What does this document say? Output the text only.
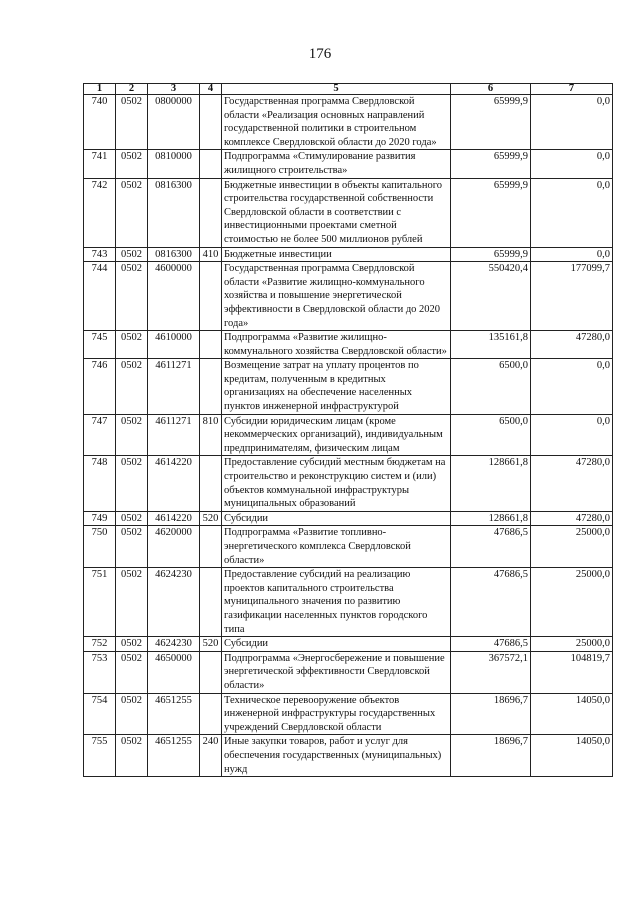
176
1	2	3	4	5	6	7
740	0502	0800000		Государственная программа Свердловской области «Реализация основных направлений государственной политики в строительном комплексе Свердловской области до 2020 года»	65999,9	0,0
741	0502	0810000		Подпрограмма «Стимулирование развития жилищного строительства»	65999,9	0,0
742	0502	0816300		Бюджетные инвестиции в объекты капитального строительства государственной собственности Свердловской области в соответствии с инвестиционными проектами сметной стоимостью не более 500 миллионов рублей	65999,9	0,0
743	0502	0816300	410	Бюджетные инвестиции	65999,9	0,0
744	0502	4600000		Государственная программа Свердловской области «Развитие жилищно-коммунального хозяйства и повышение энергетической эффективности в Свердловской области до 2020 года»	550420,4	177099,7
745	0502	4610000		Подпрограмма «Развитие жилищно-коммунального хозяйства Свердловской области»	135161,8	47280,0
746	0502	4611271		Возмещение затрат на уплату процентов по кредитам, полученным в кредитных организациях на обеспечение населенных пунктов инженерной инфраструктурой	6500,0	0,0
747	0502	4611271	810	Субсидии юридическим лицам (кроме некоммерческих организаций), индивидуальным предпринимателям, физическим лицам	6500,0	0,0
748	0502	4614220		Предоставление субсидий местным бюджетам на строительство и реконструкцию систем и (или) объектов коммунальной инфраструктуры муниципальных образований	128661,8	47280,0
749	0502	4614220	520	Субсидии	128661,8	47280,0
750	0502	4620000		Подпрограмма «Развитие топливно-энергетического комплекса Свердловской области»	47686,5	25000,0
751	0502	4624230		Предоставление субсидий на реализацию проектов капитального строительства муниципального значения по развитию газификации населенных пунктов городского типа	47686,5	25000,0
752	0502	4624230	520	Субсидии	47686,5	25000,0
753	0502	4650000		Подпрограмма «Энергосбережение и повышение энергетической эффективности Свердловской области»	367572,1	104819,7
754	0502	4651255		Техническое перевооружение объектов инженерной инфраструктуры государственных учреждений Свердловской области	18696,7	14050,0
755	0502	4651255	240	Иные закупки товаров, работ и услуг для обеспечения государственных (муниципальных) нужд	18696,7	14050,0
